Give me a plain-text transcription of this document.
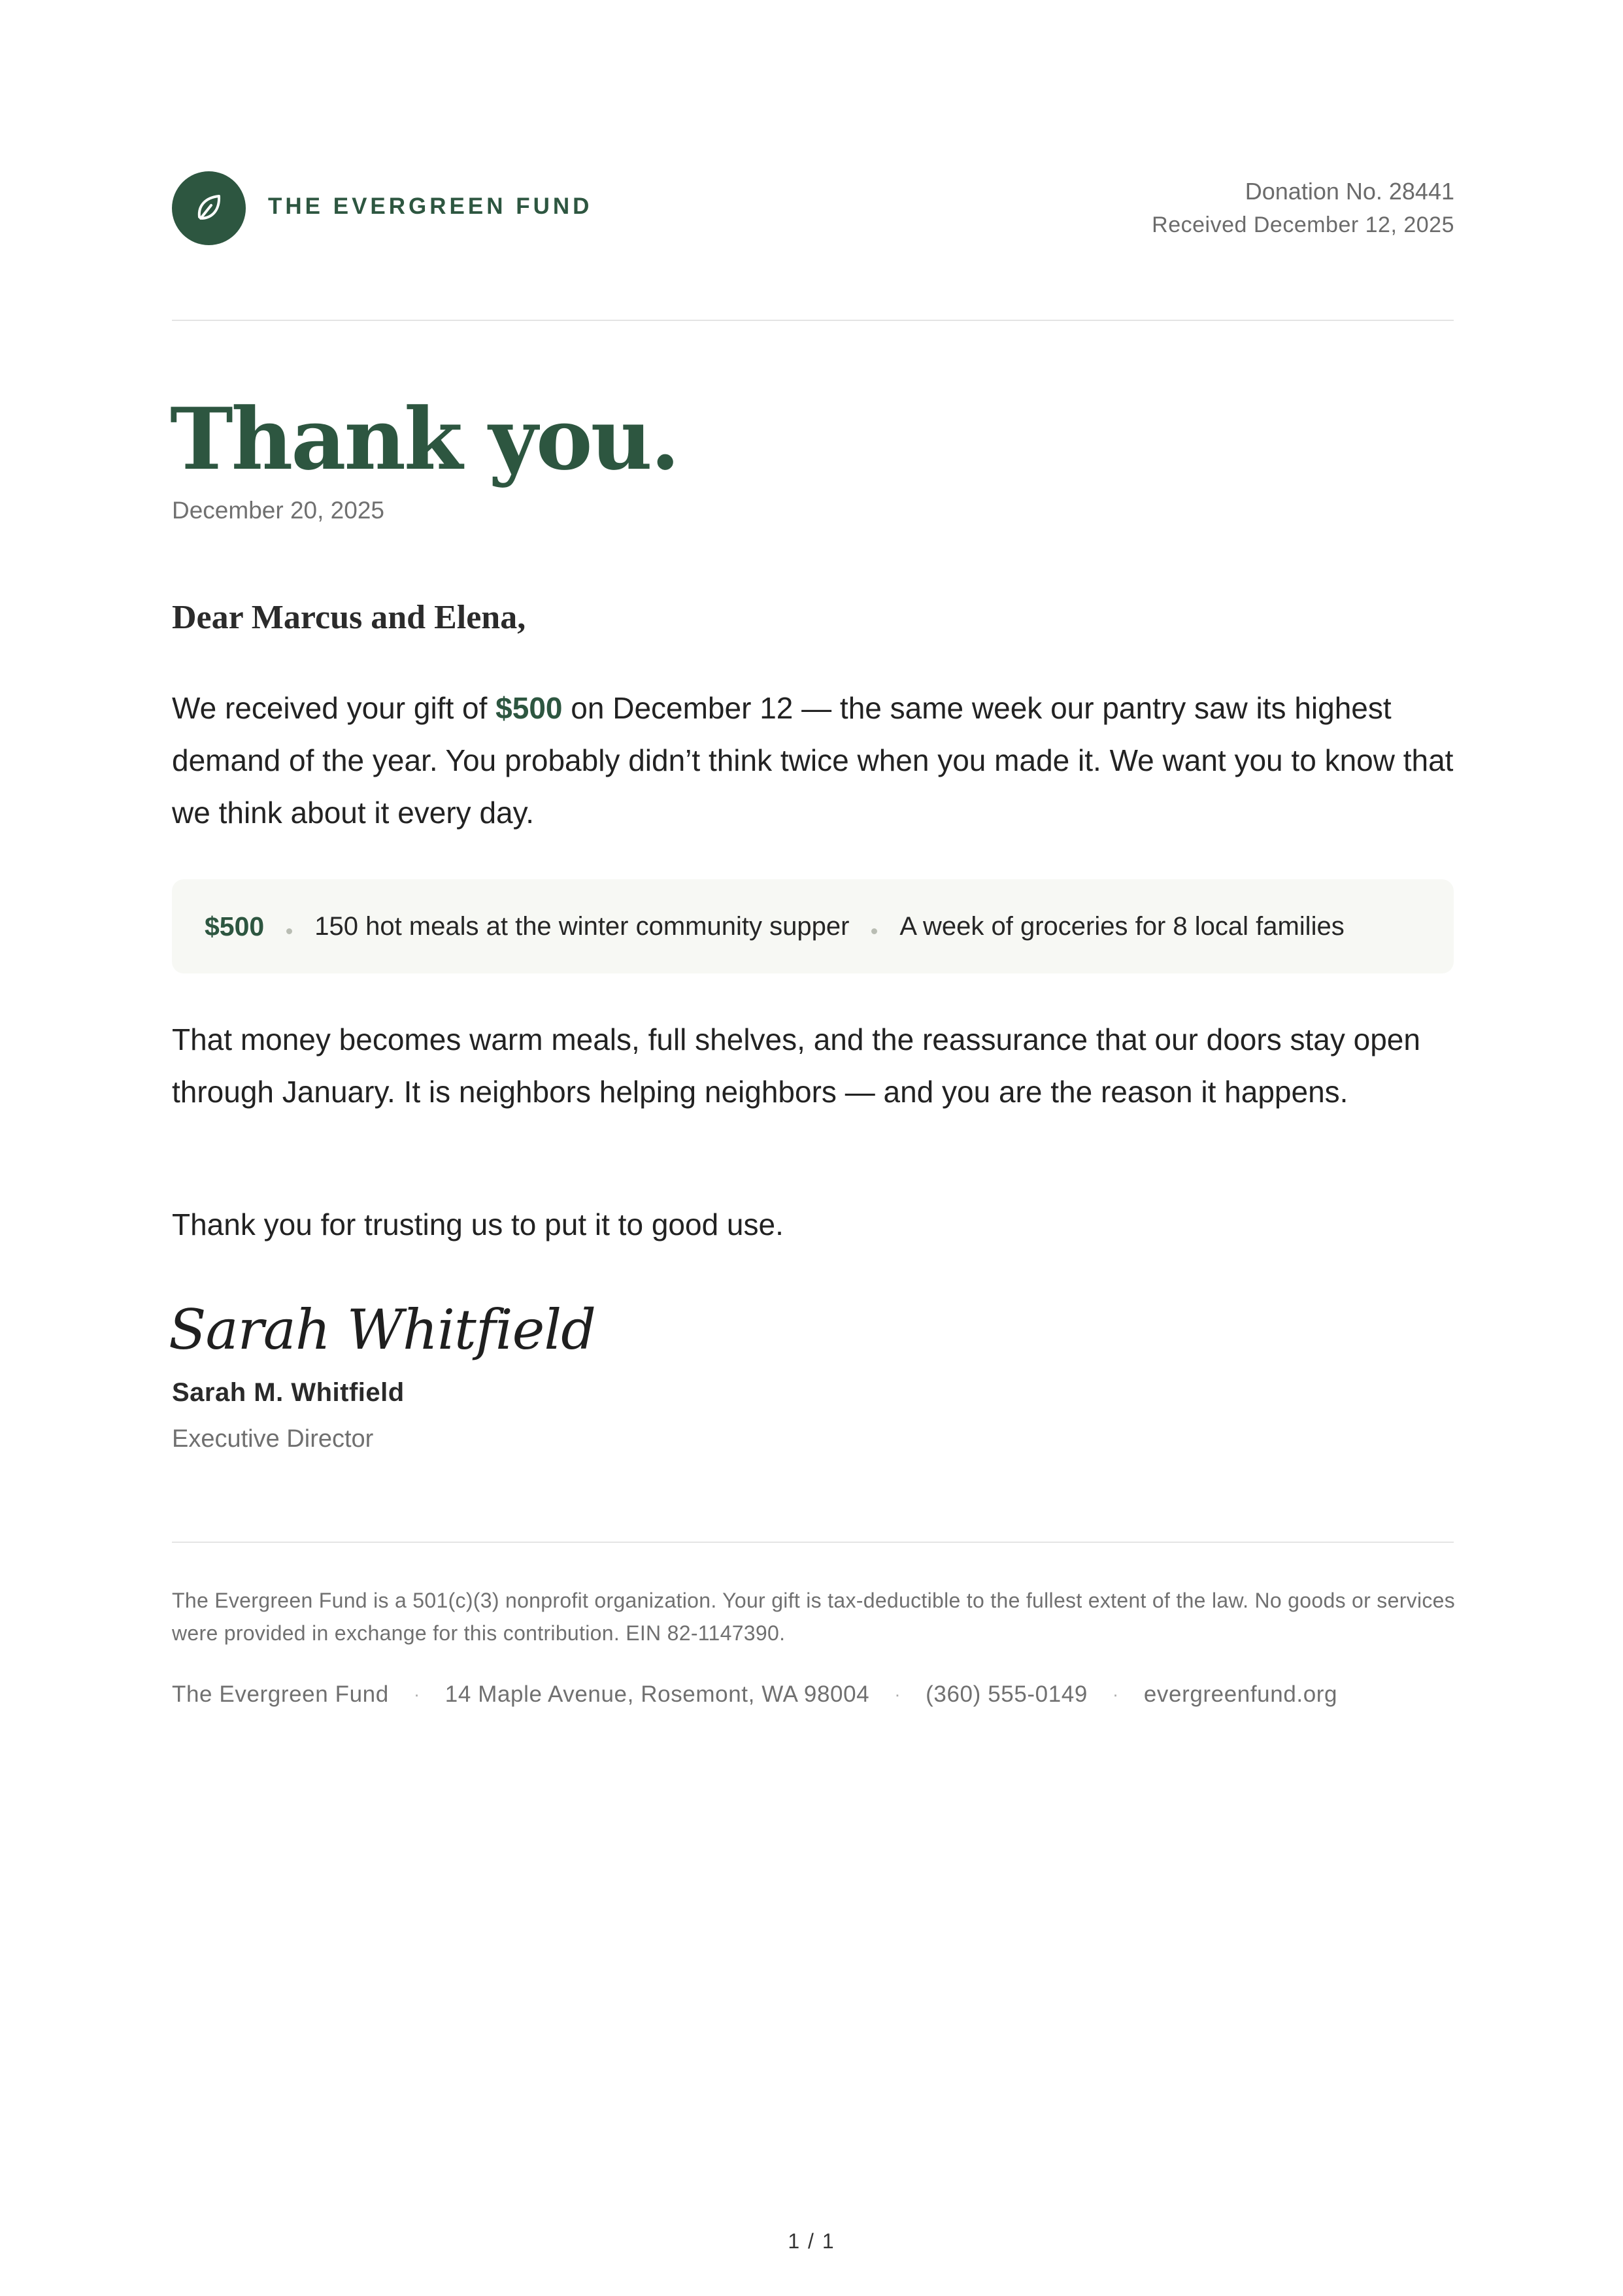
THE EVERGREEN FUND
Donation No. 28441
Received December 12, 2025
Thank you.
December 20, 2025
Dear Marcus and Elena,
We received your gift of $500 on December 12 — the same week our pantry saw its highest demand of the year. You probably didn’t think twice when you made it. We want you to know that we think about it every day.
$500 150 hot meals at the winter community supper A week of groceries for 8 local families
That money becomes warm meals, full shelves, and the reassurance that our doors stay open through January. It is neighbors helping neighbors — and you are the reason it happens.
Thank you for trusting us to put it to good use.
Sarah Whitfield
Sarah M. Whitfield
Executive Director
The Evergreen Fund is a 501(c)(3) nonprofit organization. Your gift is tax-deductible to the fullest extent of the law. No goods or services were provided in exchange for this contribution. EIN 82-1147390.
The Evergreen Fund · 14 Maple Avenue, Rosemont, WA 98004 · (360) 555-0149 · evergreenfund.org
1 / 1
